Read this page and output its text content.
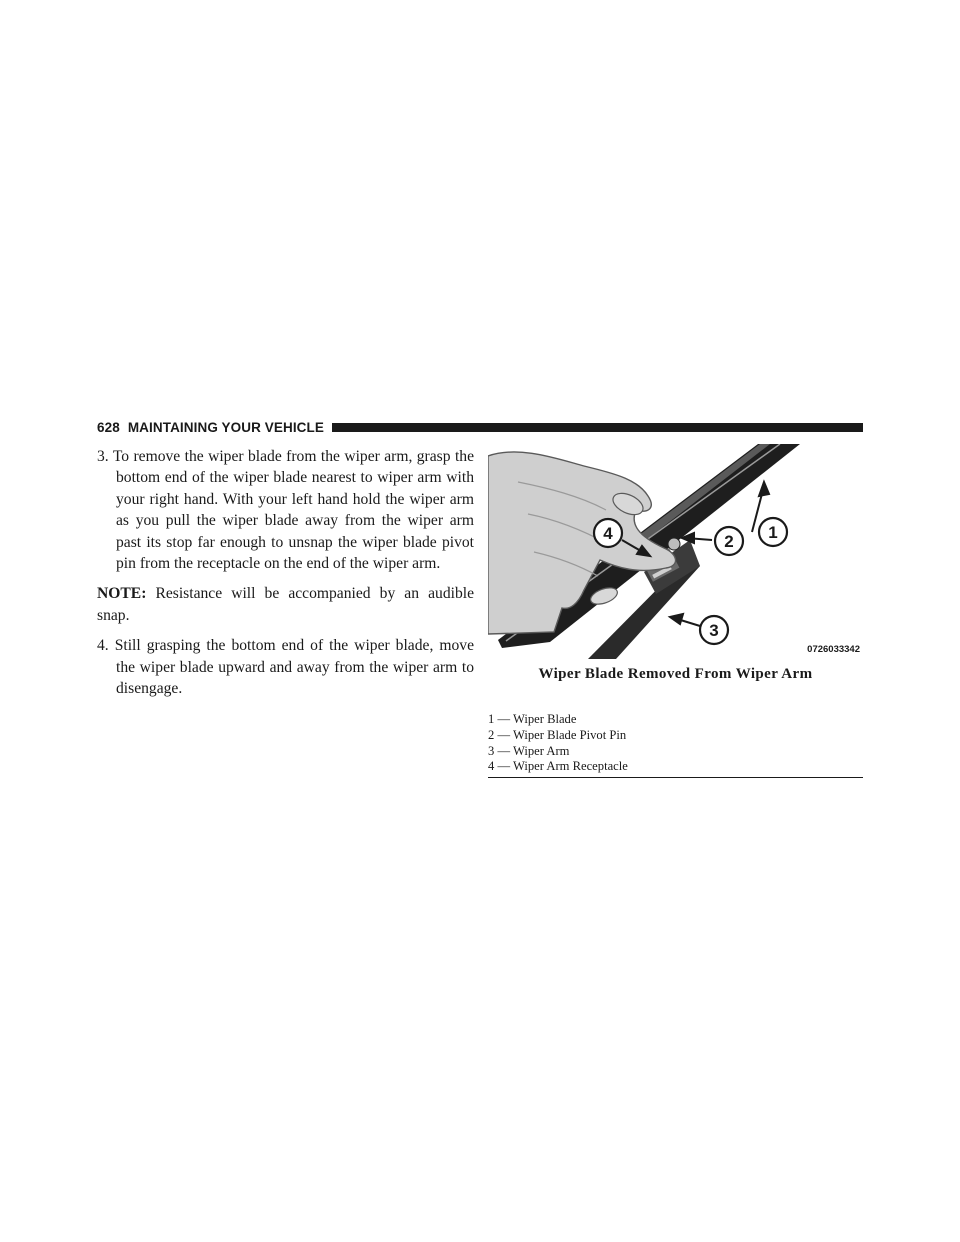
628 MAINTAINING YOUR VEHICLE

3. To remove the wiper blade from the wiper arm, grasp the bottom end of the wiper blade nearest to wiper arm with your right hand. With your left hand hold the wiper arm as you pull the wiper blade away from the wiper arm past its stop far enough to unsnap the wiper blade pivot pin from the receptacle on the end of the wiper arm.

NOTE: Resistance will be accompanied by an audible snap.

4. Still grasping the bottom end of the wiper blade, move the wiper blade upward and away from the wiper arm to disengage.

1
2
3
4
0726033342
Wiper Blade Removed From Wiper Arm
1 — Wiper Blade
2 — Wiper Blade Pivot Pin
3 — Wiper Arm
4 — Wiper Arm Receptacle
